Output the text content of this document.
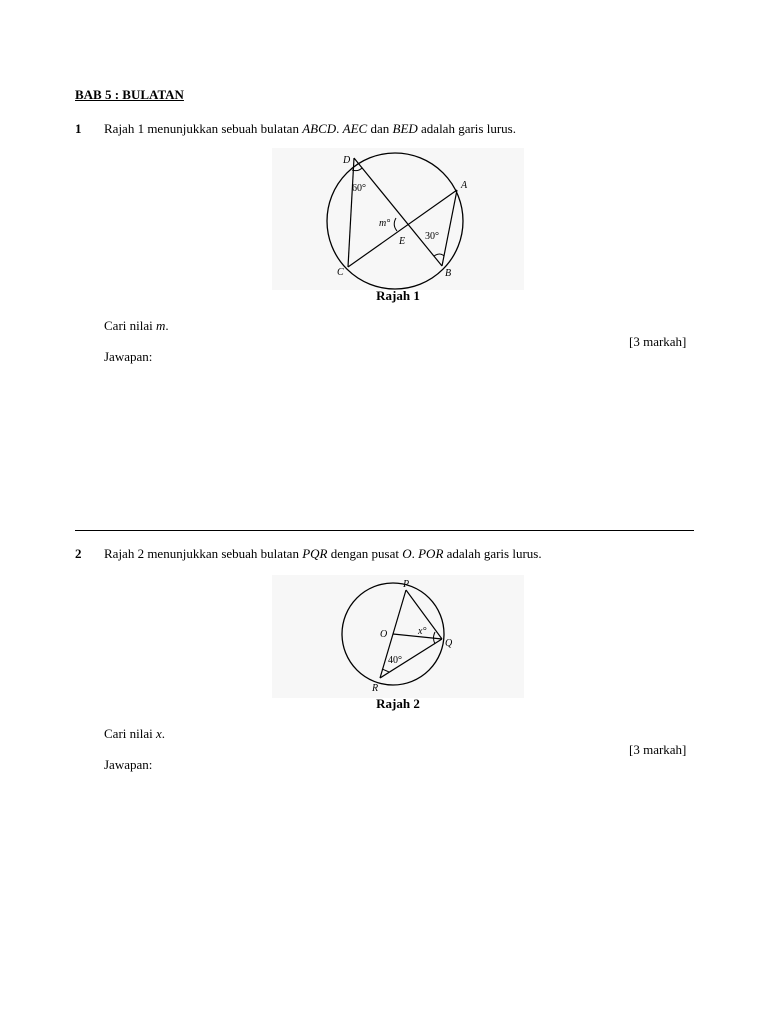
BAB 5 : BULATAN
1 Rajah 1 menunjukkan sebuah bulatan ABCD. AEC dan BED adalah garis lurus.
D
A
B
C
E
60°
m°
30°
Rajah 1
Cari nilai m.
[3 markah]
Jawapan:
2 Rajah 2 menunjukkan sebuah bulatan PQR dengan pusat O. POR adalah garis lurus.
P
O
Q
R
x°
40°
Rajah 2
Cari nilai x.
[3 markah]
Jawapan:
